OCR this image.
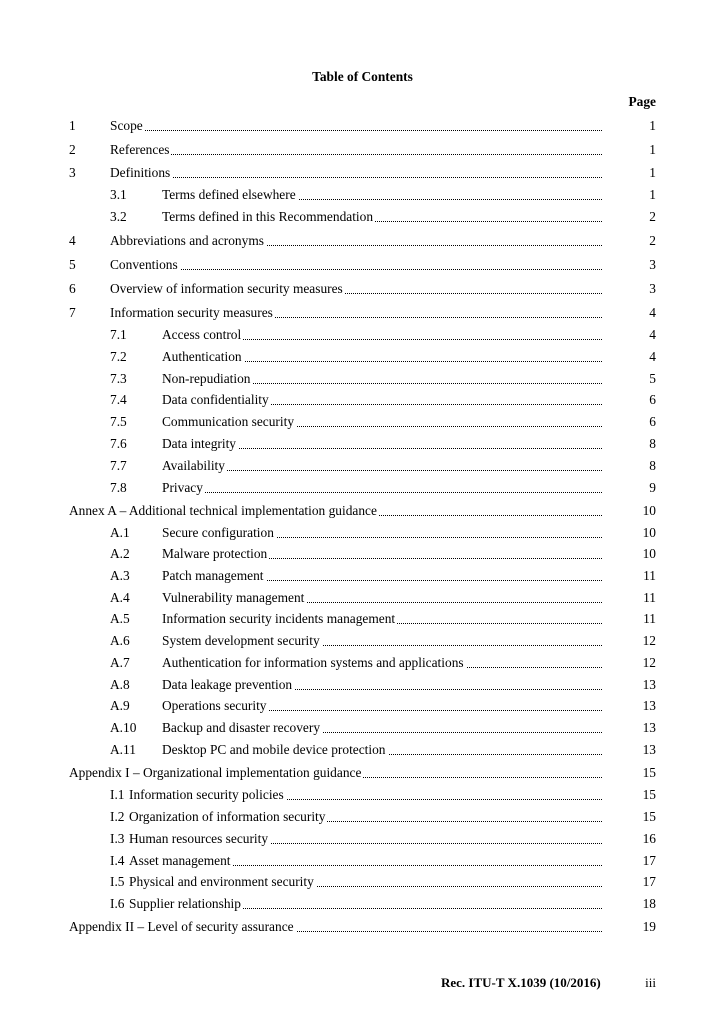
Table of Contents
Page
1	Scope	1
2	References	1
3	Definitions	1
3.1	Terms defined elsewhere	1
3.2	Terms defined in this Recommendation	2
4	Abbreviations and acronyms	2
5	Conventions	3
6	Overview of information security measures	3
7	Information security measures	4
7.1	Access control	4
7.2	Authentication	4
7.3	Non-repudiation	5
7.4	Data confidentiality	6
7.5	Communication security	6
7.6	Data integrity	8
7.7	Availability	8
7.8	Privacy	9
Annex A – Additional technical implementation guidance	10
A.1 Secure configuration	10
A.2 Malware protection	10
A.3 Patch management	11
A.4 Vulnerability management	11
A.5 Information security incidents management	11
A.6 System development security	12
A.7 Authentication for information systems and applications	12
A.8 Data leakage prevention	13
A.9 Operations security	13
A.10 Backup and disaster recovery	13
A.11 Desktop PC and mobile device protection	13
Appendix I – Organizational implementation guidance	15
I.1 Information security policies	15
I.2 Organization of information security	15
I.3 Human resources security	16
I.4 Asset management	17
I.5 Physical and environment security	17
I.6 Supplier relationship	18
Appendix II – Level of security assurance	19
Rec. ITU-T X.1039 (10/2016)	iii
